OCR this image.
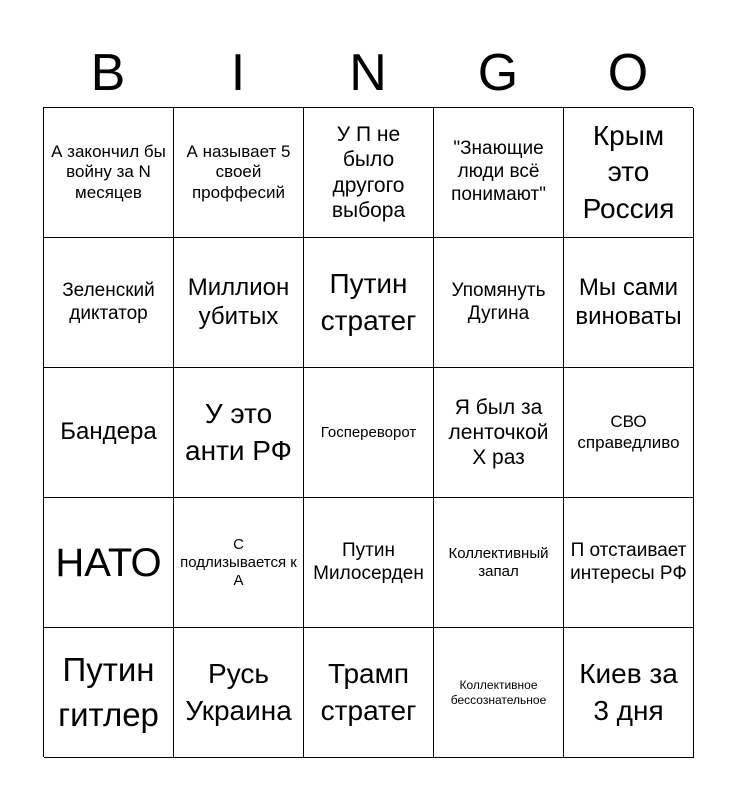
B	I	N	G	O
А закончил бы войну за N месяцев
А называет 5 своей проффесий
У П не было другого выбора
"Знающие люди всё понимают"
Крым это Россия
Зеленский диктатор
Миллион убитых
Путин стратег
Упомянуть Дугина
Мы сами виноваты
Бандера
У это анти РФ
Госпереворот
Я был за ленточкой Х раз
СВО справедливо
НАТО	С подлизывается к А
Путин Милосерден
Коллективный запал
П отстаивает интересы РФ
Путин гитлер
Русь Украина
Трамп стратег
Коллективное бессознательное
Киев за 3 дня
